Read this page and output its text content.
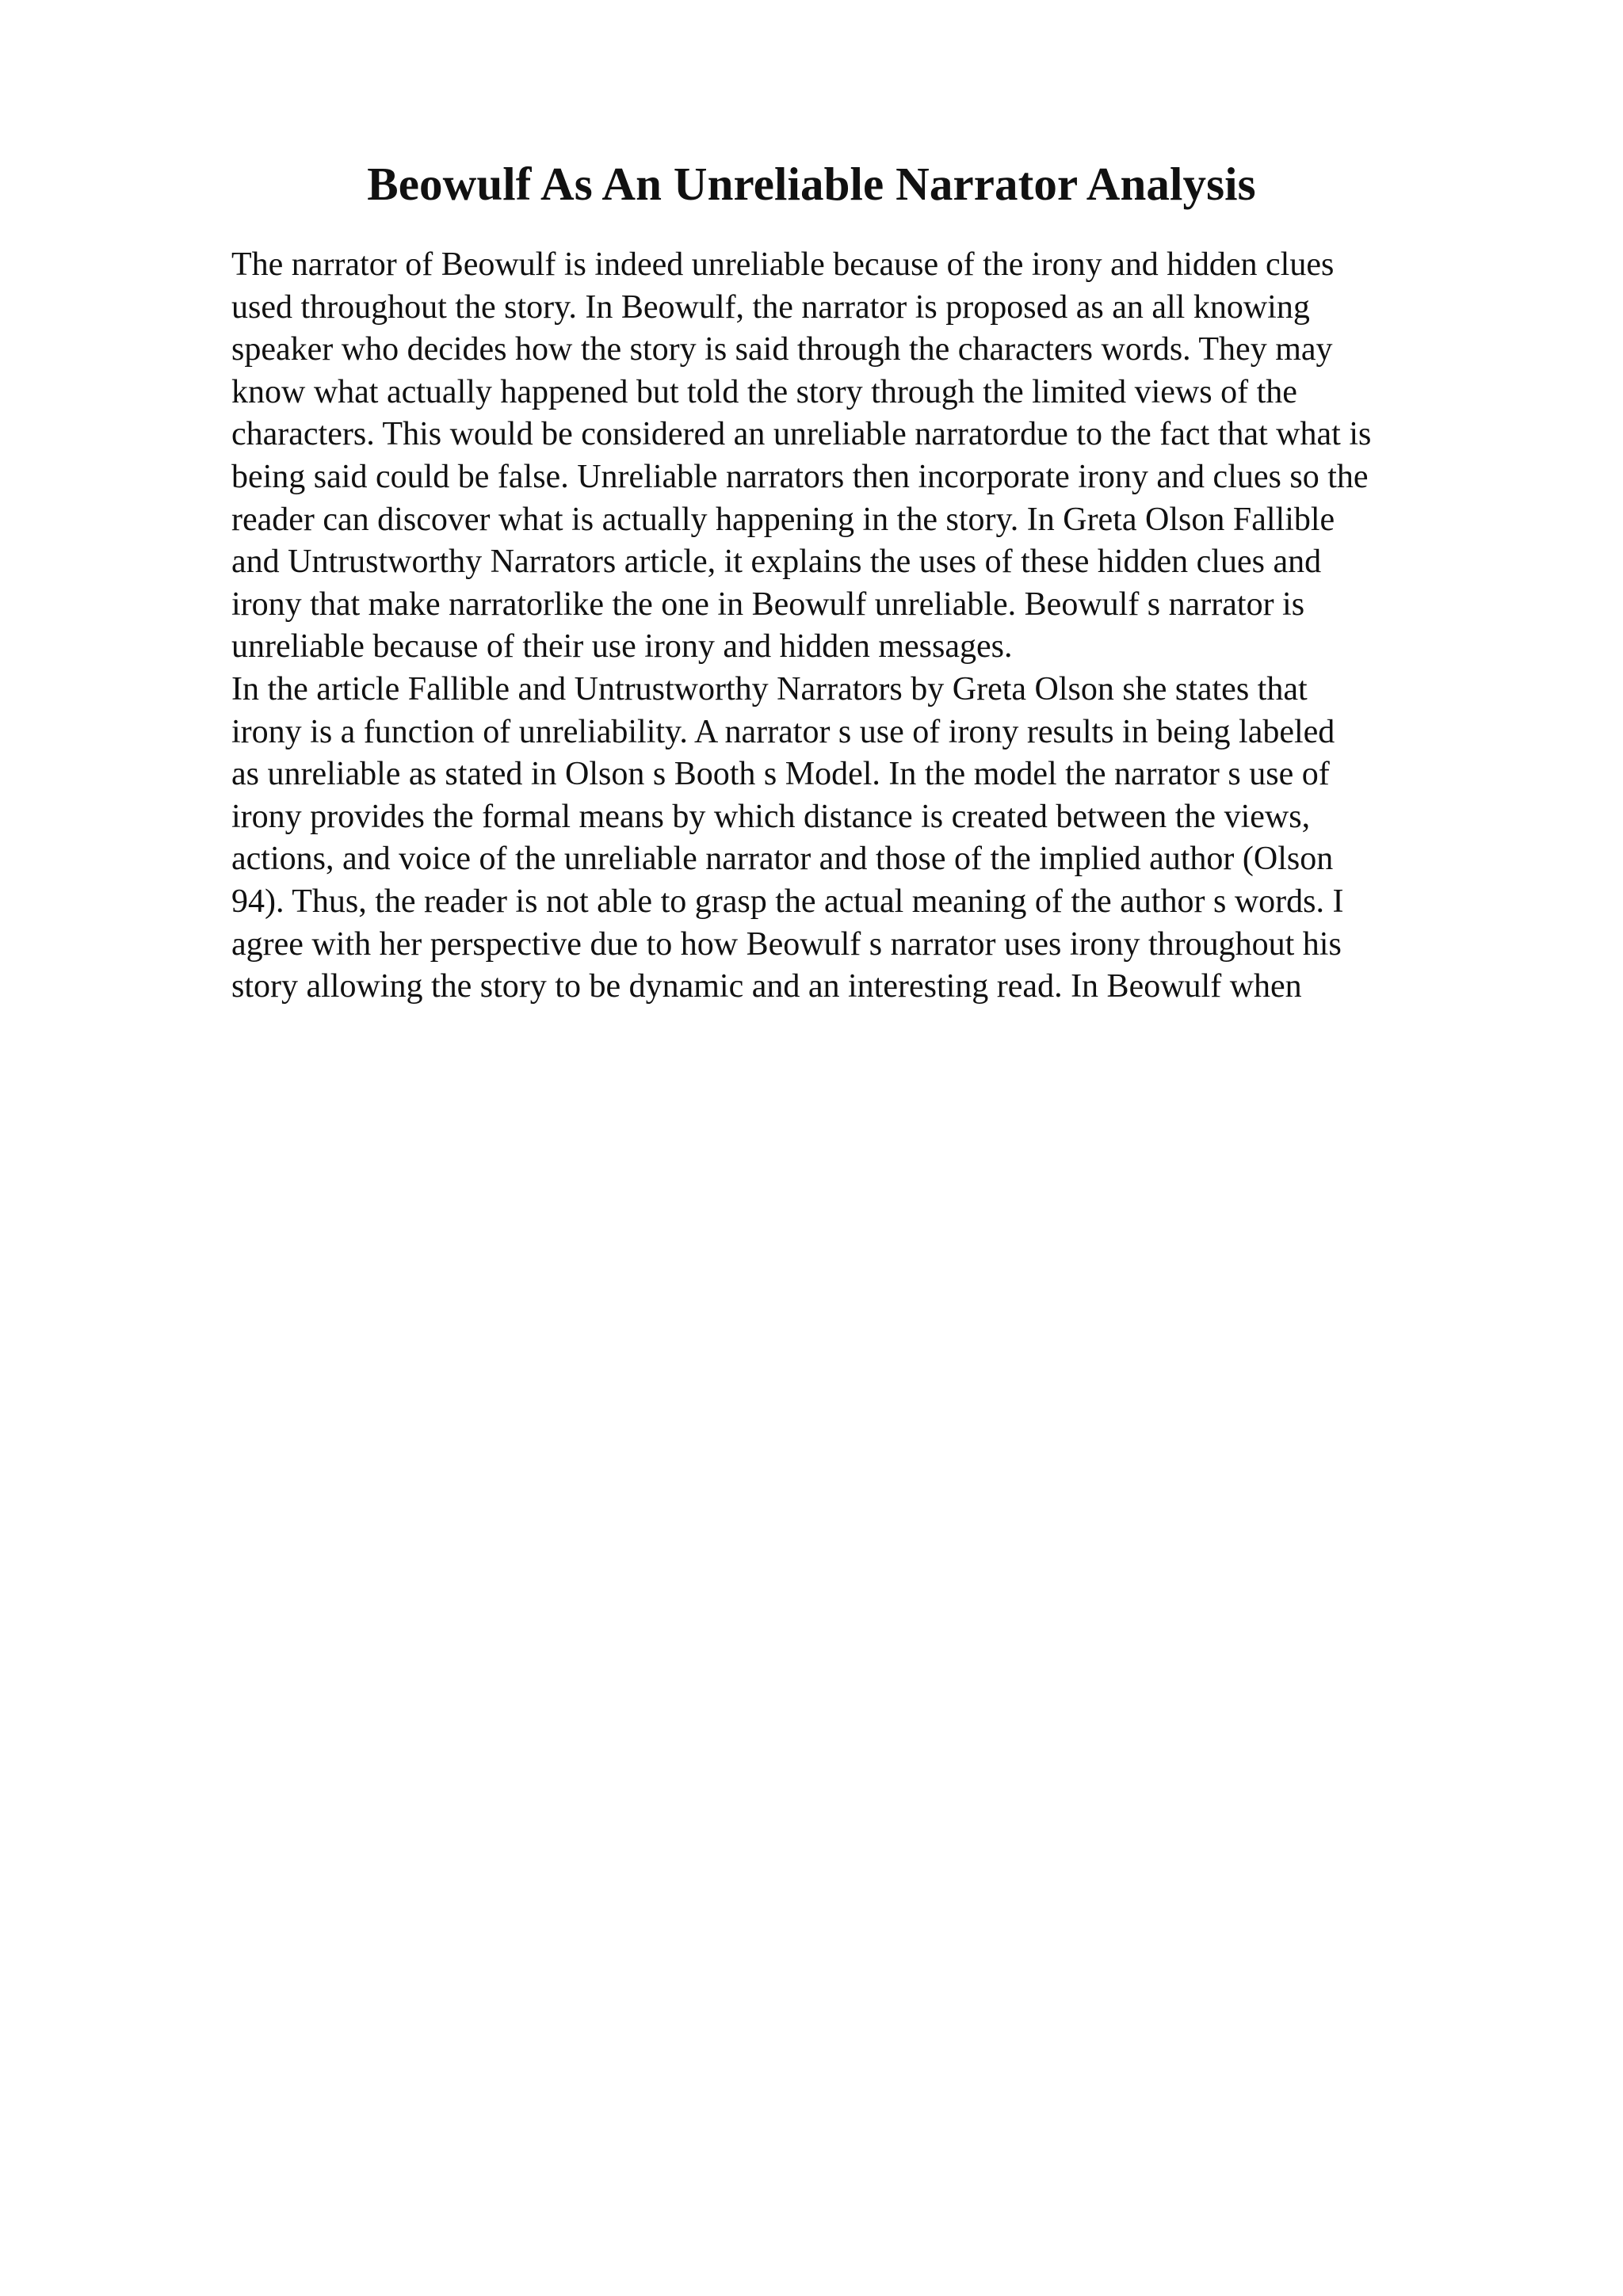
Beowulf As An Unreliable Narrator Analysis
The narrator of Beowulf is indeed unreliable because of the irony and hidden clues
used throughout the story. In Beowulf, the narrator is proposed as an all knowing
speaker who decides how the story is said through the characters words. They may
know what actually happened but told the story through the limited views of the
characters. This would be considered an unreliable narratordue to the fact that what is
being said could be false. Unreliable narrators then incorporate irony and clues so the
reader can discover what is actually happening in the story. In Greta Olson Fallible
and Untrustworthy Narrators article, it explains the uses of these hidden clues and
irony that make narratorlike the one in Beowulf unreliable. Beowulf s narrator is
unreliable because of their use irony and hidden messages.
In the article Fallible and Untrustworthy Narrators by Greta Olson she states that
irony is a function of unreliability. A narrator s use of irony results in being labeled
as unreliable as stated in Olson s Booth s Model. In the model the narrator s use of
irony provides the formal means by which distance is created between the views,
actions, and voice of the unreliable narrator and those of the implied author (Olson
94). Thus, the reader is not able to grasp the actual meaning of the author s words. I
agree with her perspective due to how Beowulf s narrator uses irony throughout his
story allowing the story to be dynamic and an interesting read. In Beowulf when
